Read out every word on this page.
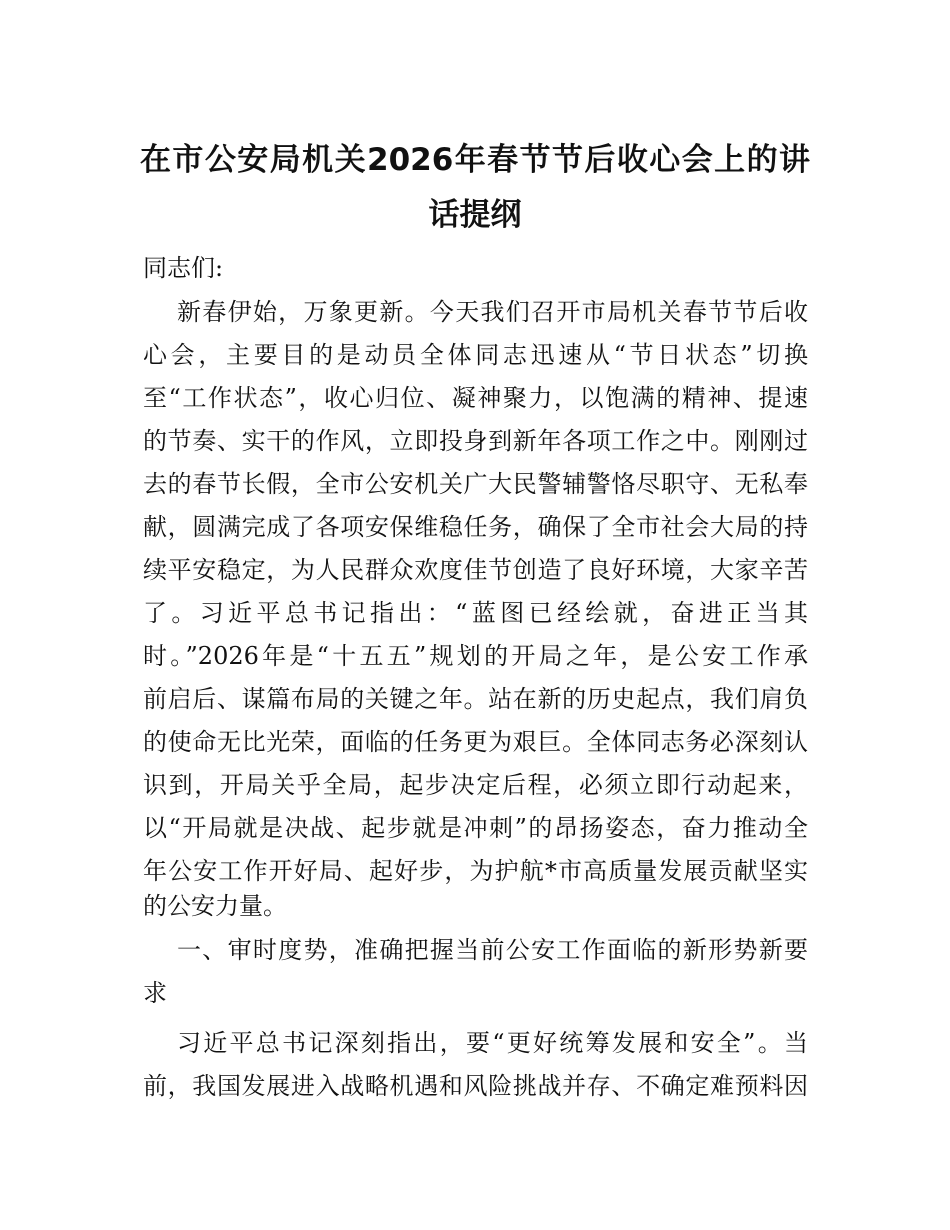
在市公安局机关2026年春节节后收心会上的讲
话提纲
同志们:
新春伊始，万象更新。今天我们召开市局机关春节节后收
心会，主要目的是动员全体同志迅速从“节日状态”切换
至“工作状态”，收心归位、凝神聚力，以饱满的精神、提速
的节奏、实干的作风，立即投身到新年各项工作之中。刚刚过
去的春节长假，全市公安机关广大民警辅警恪尽职守、无私奉
献，圆满完成了各项安保维稳任务，确保了全市社会大局的持
续平安稳定，为人民群众欢度佳节创造了良好环境，大家辛苦
了。习近平总书记指出：“蓝图已经绘就，奋进正当其
时。”2026年是“十五五”规划的开局之年，是公安工作承
前启后、谋篇布局的关键之年。站在新的历史起点，我们肩负
的使命无比光荣，面临的任务更为艰巨。全体同志务必深刻认
识到，开局关乎全局，起步决定后程，必须立即行动起来，
以“开局就是决战、起步就是冲刺”的昂扬姿态，奋力推动全
年公安工作开好局、起好步，为护航*市高质量发展贡献坚实
的公安力量。
一、审时度势，准确把握当前公安工作面临的新形势新要
求
习近平总书记深刻指出，要“更好统筹发展和安全”。当
前，我国发展进入战略机遇和风险挑战并存、不确定难预料因
